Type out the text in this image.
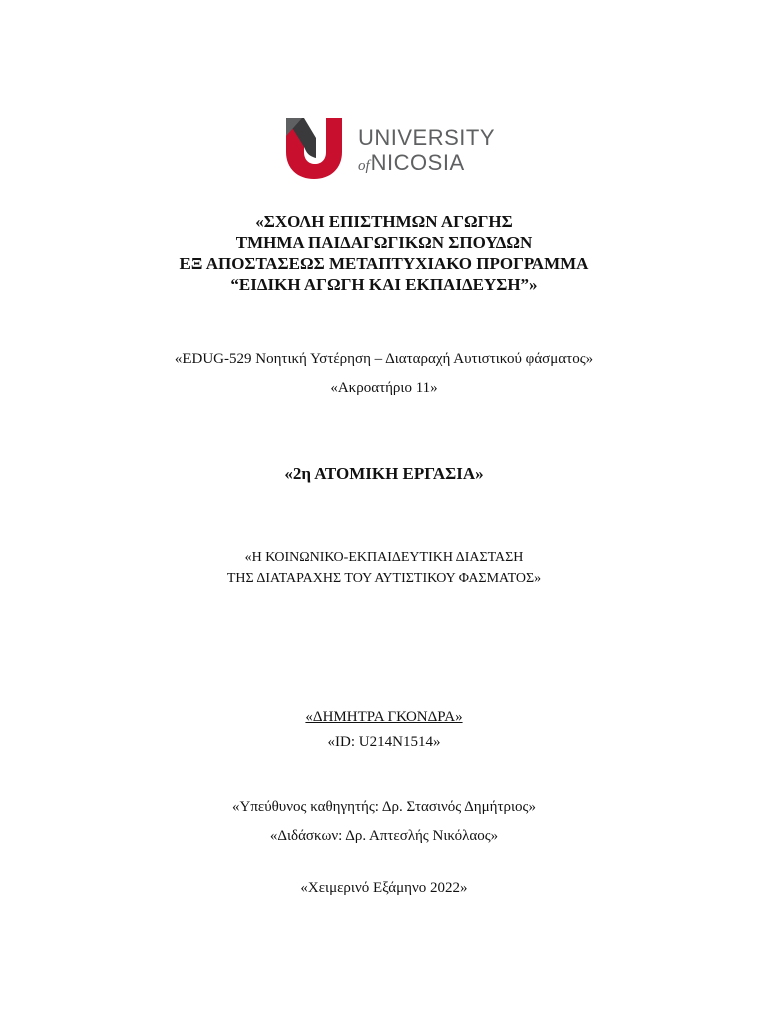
UNIVERSITY
ofNICOSIA
«ΣΧΟΛΗ ΕΠΙΣΤΗΜΩΝ ΑΓΩΓΗΣ
ΤΜΗΜΑ ΠΑΙΔΑΓΩΓΙΚΩΝ ΣΠΟΥΔΩΝ
ΕΞ ΑΠΟΣΤΑΣΕΩΣ ΜΕΤΑΠΤΥΧΙΑΚΟ ΠΡΟΓΡΑΜΜΑ
“ΕΙΔΙΚΗ ΑΓΩΓΗ ΚΑΙ ΕΚΠΑΙΔΕΥΣΗ”»
«EDUG-529 Νοητική Υστέρηση – Διαταραχή Αυτιστικού φάσματος»
«Ακροατήριο 11»
«2η ΑΤΟΜΙΚΗ ΕΡΓΑΣΙΑ»
«Η ΚΟΙΝΩΝΙΚΟ-ΕΚΠΑΙΔΕΥΤΙΚΗ ΔΙΑΣΤΑΣΗ
ΤΗΣ ΔΙΑΤΑΡΑΧΗΣ ΤΟΥ ΑΥΤΙΣΤΙΚΟΥ ΦΑΣΜΑΤΟΣ»
«ΔΗΜΗΤΡΑ ΓΚΟΝΔΡΑ»
«ID: U214N1514»
«Υπεύθυνος καθηγητής: Δρ. Στασινός Δημήτριος»
«Διδάσκων: Δρ. Απτεσλής Νικόλαος»
«Χειμερινό Εξάμηνο 2022»
